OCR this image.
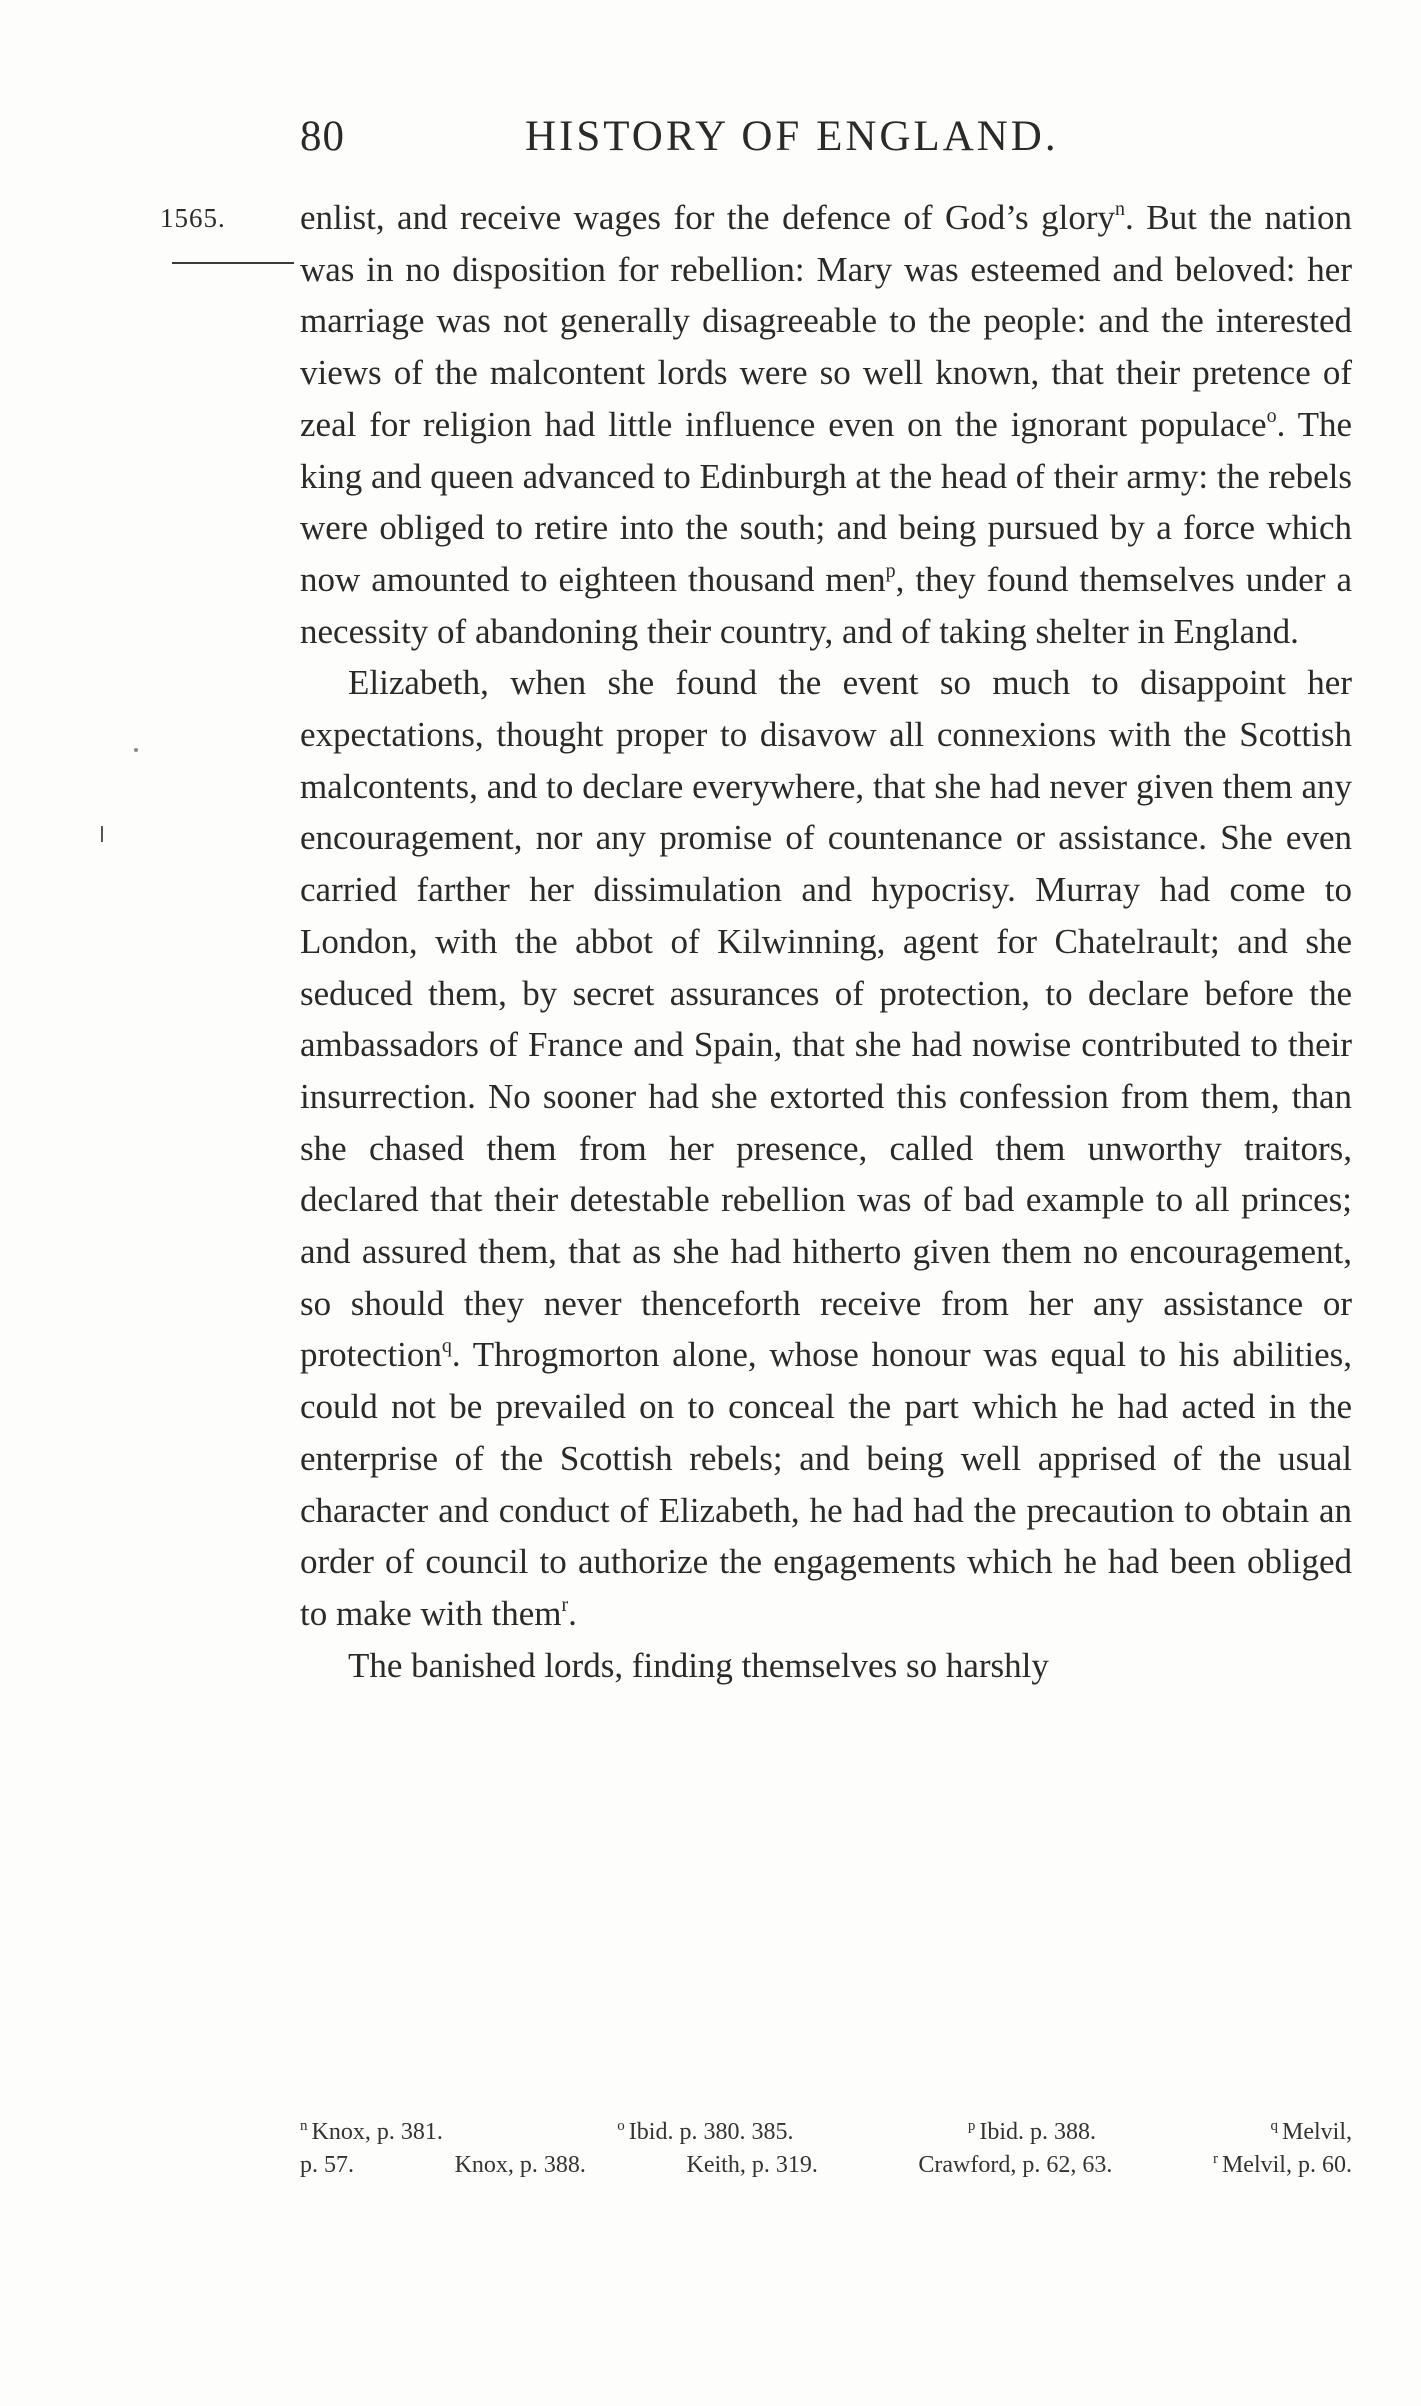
80	HISTORY OF ENGLAND.
1565. enlist, and receive wages for the defence of God’s glory$^n$. But the nation was in no disposition for rebellion: Mary was esteemed and beloved: her marriage was not generally disagreeable to the people: and the interested views of the malcontent lords were so well known, that their pretence of zeal for religion had little influence even on the ignorant populace$^o$. The king and queen advanced to Edinburgh at the head of their army: the rebels were obliged to retire into the south; and being pursued by a force which now amounted to eighteen thousand men$^p$, they found themselves under a necessity of abandoning their country, and of taking shelter in England.

Elizabeth, when she found the event so much to disappoint her expectations, thought proper to disavow all connexions with the Scottish malcontents, and to declare everywhere, that she had never given them any encouragement, nor any promise of countenance or assistance. She even carried farther her dissimulation and hypocrisy. Murray had come to London, with the abbot of Kilwinning, agent for Chatelrault; and she seduced them, by secret assurances of protection, to declare before the ambassadors of France and Spain, that she had nowise contributed to their insurrection. No sooner had she extorted this confession from them, than she chased them from her presence, called them unworthy traitors, declared that their detestable rebellion was of bad example to all princes; and assured them, that as she had hitherto given them no encouragement, so should they never thenceforth receive from her any assistance or protection$^q$. Throgmorton alone, whose honour was equal to his abilities, could not be prevailed on to conceal the part which he had acted in the enterprise of the Scottish rebels; and being well apprised of the usual character and conduct of Elizabeth, he had had the precaution to obtain an order of council to authorize the engagements which he had been obliged to make with them$^r$.

The banished lords, finding themselves so harshly

$^n$ Knox, p. 381.	$^o$ Ibid. p. 380. 385.	$^p$ Ibid. p. 388.	$^q$ Melvil,
p. 57.	Knox, p. 388.	Keith, p. 319.	Crawford, p. 62, 63.	$^r$ Melvil, p. 60.
